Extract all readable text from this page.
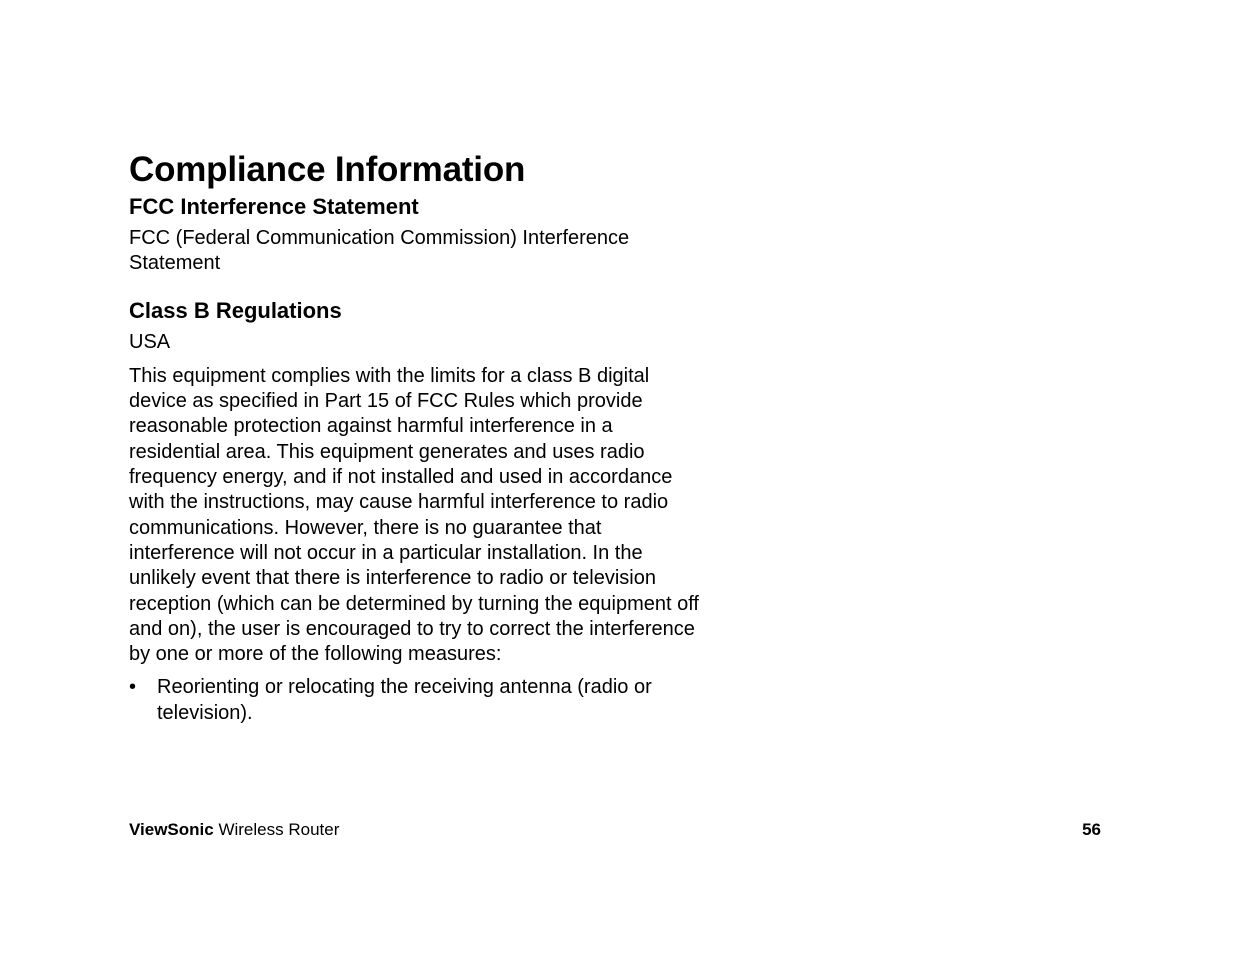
Compliance Information
FCC Interference Statement

FCC (Federal Communication Commission) Interference Statement

Class B Regulations

USA

This equipment complies with the limits for a class B digital device as specified in Part 15 of FCC Rules which provide reasonable protection against harmful interference in a residential area. This equipment generates and uses radio frequency energy, and if not installed and used in accordance with the instructions, may cause harmful interference to radio communications. However, there is no guarantee that interference will not occur in a particular installation. In the unlikely event that there is interference to radio or television reception (which can be determined by turning the equipment off and on), the user is encouraged to try to correct the interference by one or more of the following measures:

• Reorienting or relocating the receiving antenna (radio or television).
ViewSonic Wireless Router	56
